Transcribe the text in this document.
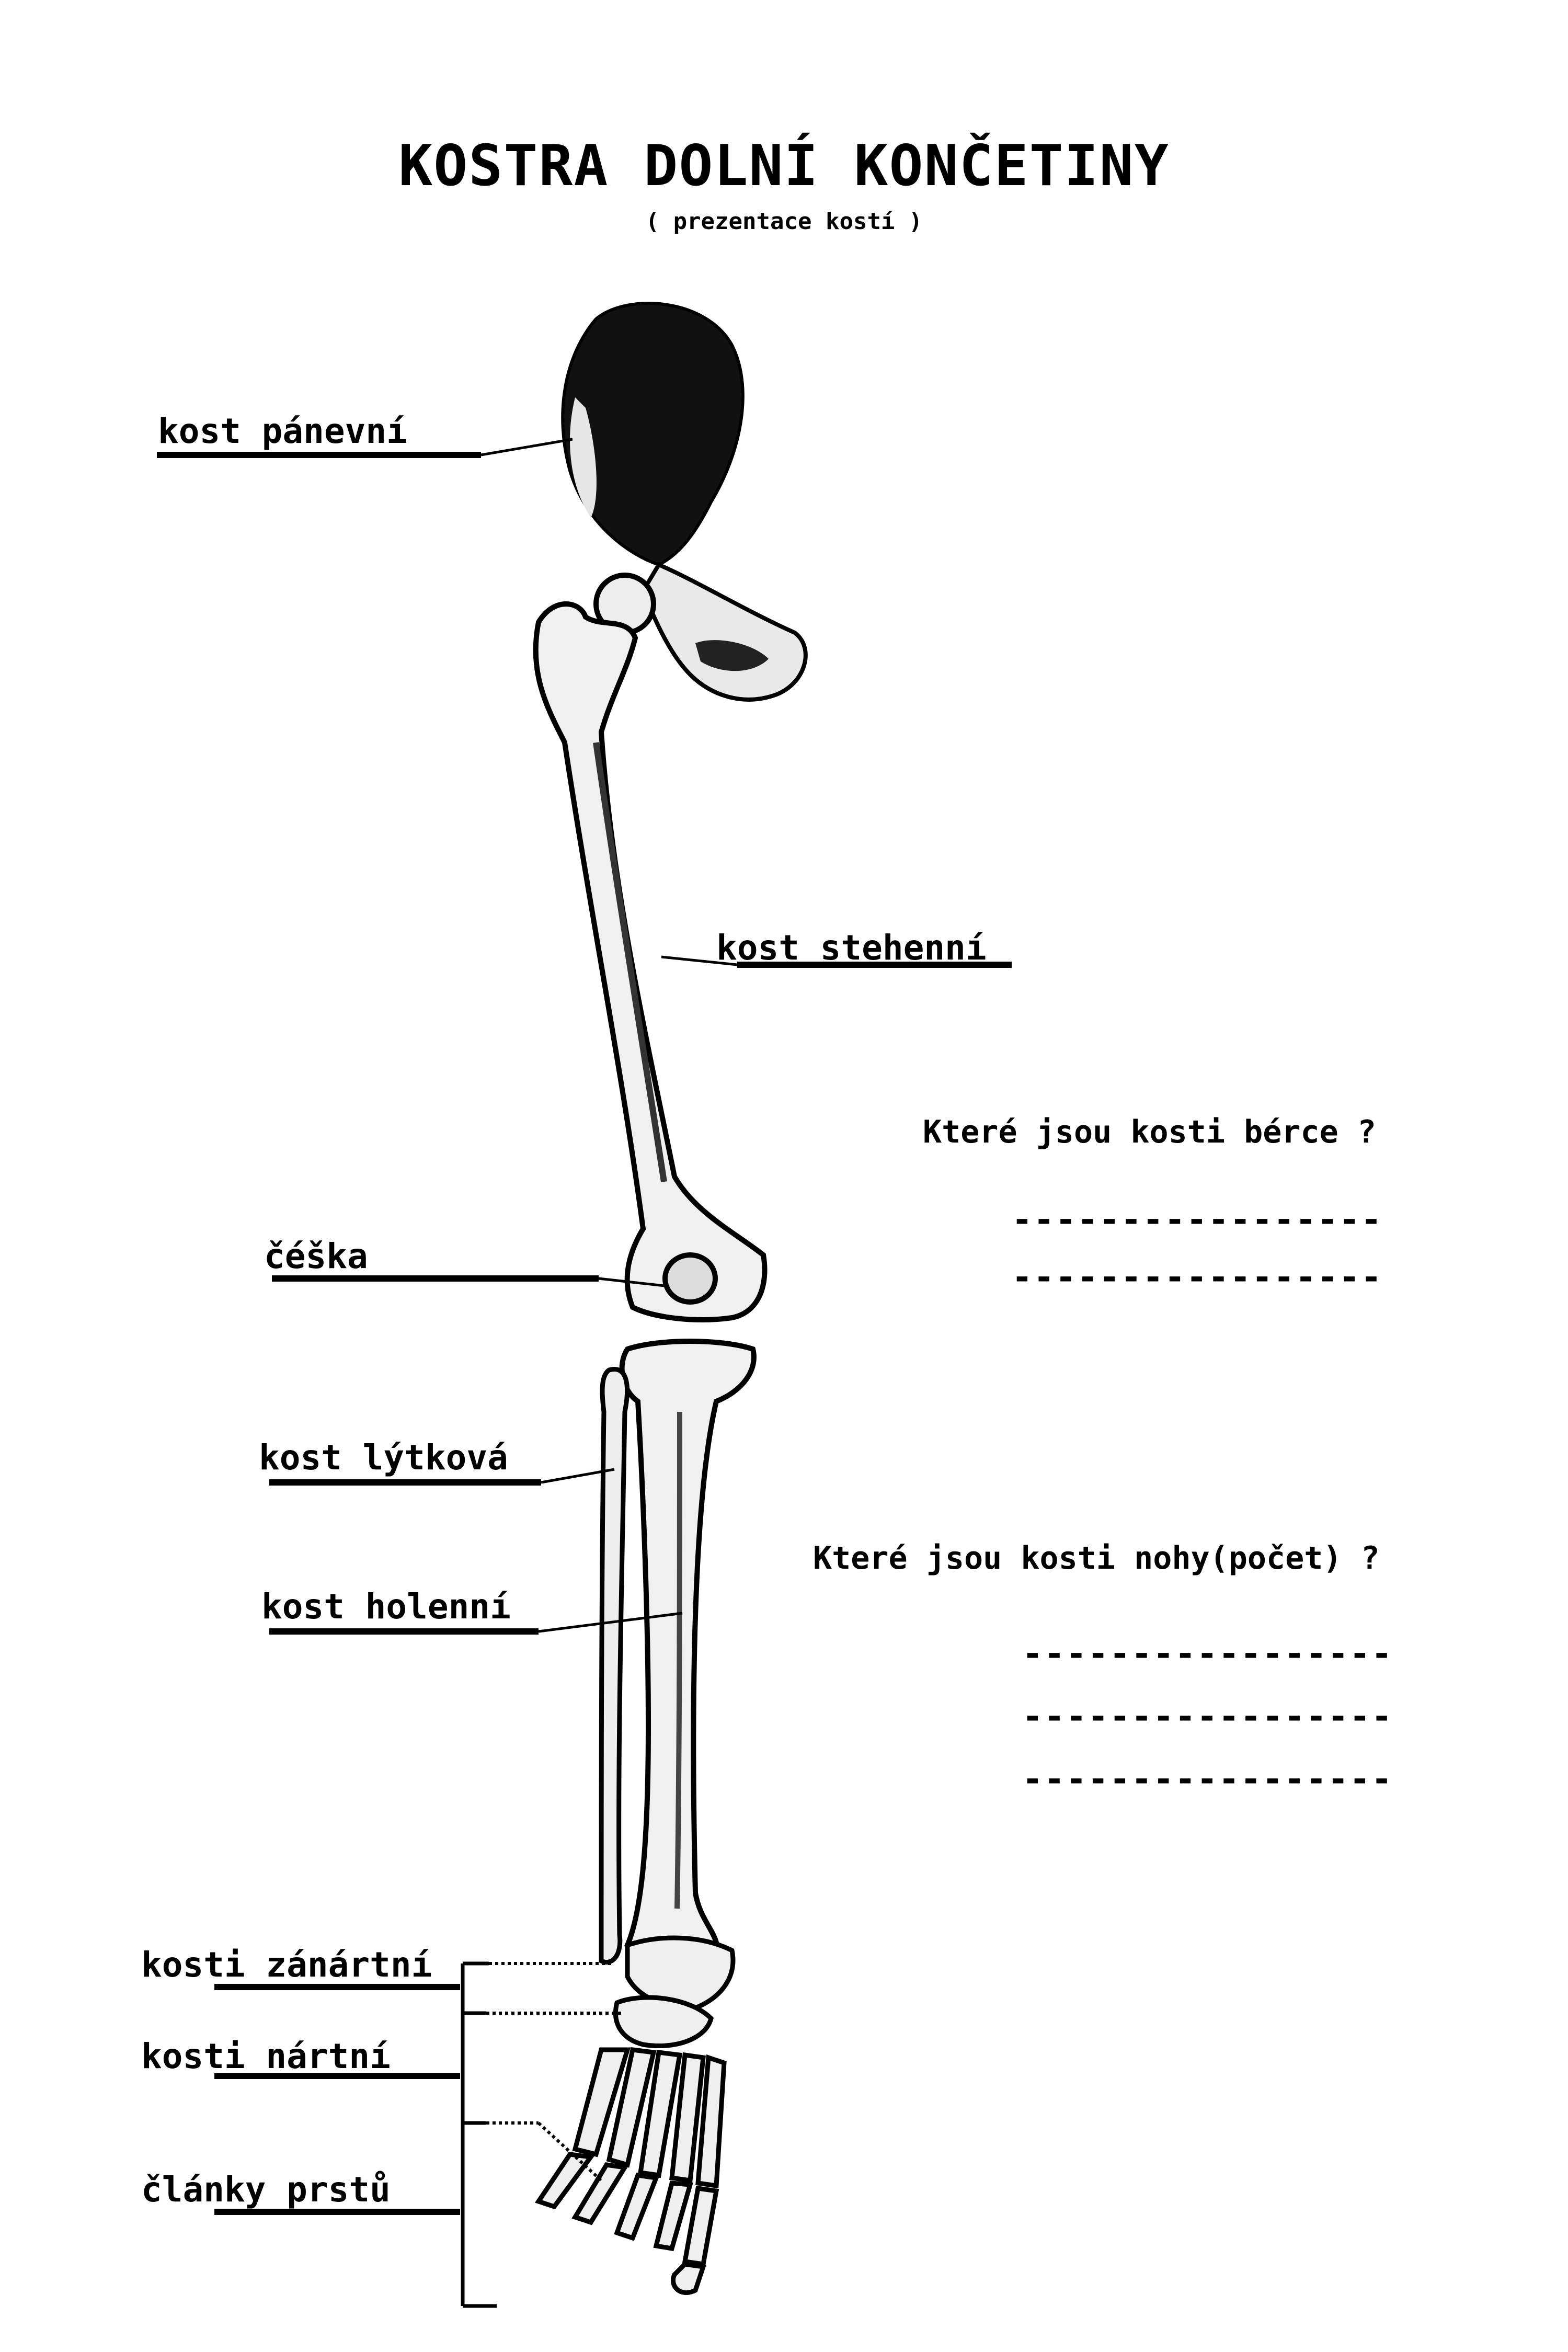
KOSTRA DOLNÍ KONČETINY
( prezentace kostí )
kost pánevní
kost stehenní
čéška
kost lýtková
kost holenní
kosti zánártní
kosti nártní
články prstů
Které jsou kosti bérce ?
-----------------
-----------------
Které jsou kosti nohy(počet) ?
-----------------
-----------------
-----------------
